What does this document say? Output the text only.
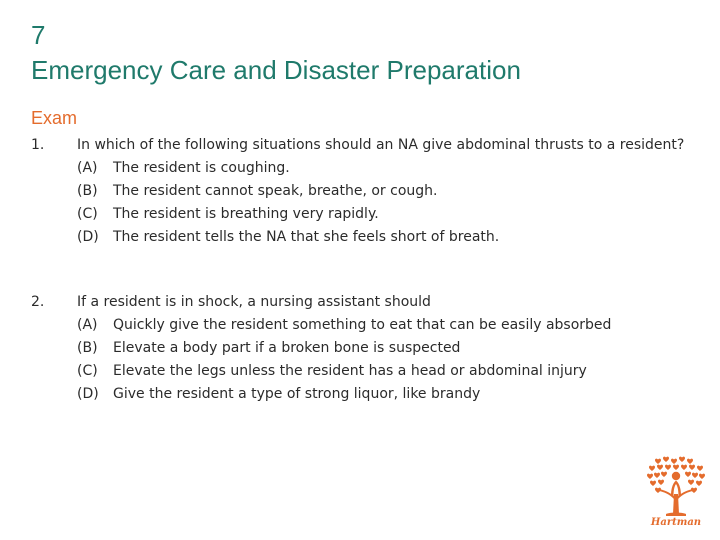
7
Emergency Care and Disaster Preparation
Exam
1.	In which of the following situations should an NA give abdominal thrusts to a resident?
(A) The resident is coughing.
(B) The resident cannot speak, breathe, or cough.
(C) The resident is breathing very rapidly.
(D) The resident tells the NA that she feels short of breath.
2.	If a resident is in shock, a nursing assistant should
(A) Quickly give the resident something to eat that can be easily absorbed
(B) Elevate a body part if a broken bone is suspected
(C) Elevate the legs unless the resident has a head or abdominal injury
(D) Give the resident a type of strong liquor, like brandy
Hartman
